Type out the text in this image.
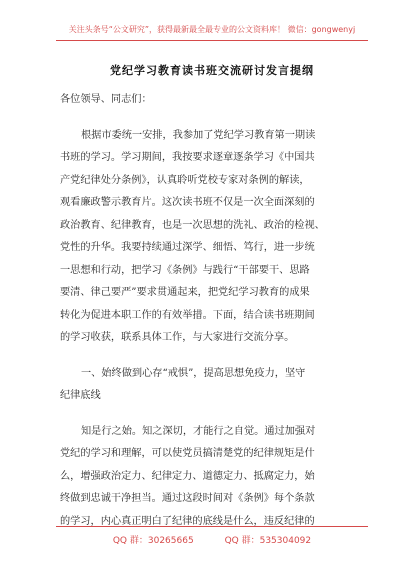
关注头条号“公文研究”，获得最新最全最专业的公文资料库！ 微信：gongwenyj
党纪学习教育读书班交流研讨发言提纲
各位领导、同志们：
根据市委统一安排，我参加了党纪学习教育第一期读
书班的学习。学习期间，我按要求逐章逐条学习《中国共
产党纪律处分条例》，认真聆听党校专家对条例的解读，
观看廉政警示教育片。这次读书班不仅是一次全面深刻的
政治教育、纪律教育，也是一次思想的洗礼、政治的检视、
党性的升华。我要持续通过深学、细悟、笃行，进一步统
一思想和行动，把学习《条例》与践行“干部要干、思路
要清、律己要严”要求贯通起来，把党纪学习教育的成果
转化为促进本职工作的有效举措。下面，结合读书班期间
的学习收获，联系具体工作，与大家进行交流分享。
一、始终做到心存“戒惧”，提高思想免疫力，坚守
纪律底线
知是行之始。知之深切，才能行之自觉。通过加强对
党纪的学习和理解，可以使党员搞清楚党的纪律规矩是什
么，增强政治定力、纪律定力、道德定力、抵腐定力，始
终做到忠诚干净担当。通过这段时间对《条例》每个条款
的学习，内心真正明白了纪律的底线是什么，违反纪律的
QQ 群：30265665	QQ 群：535304092
